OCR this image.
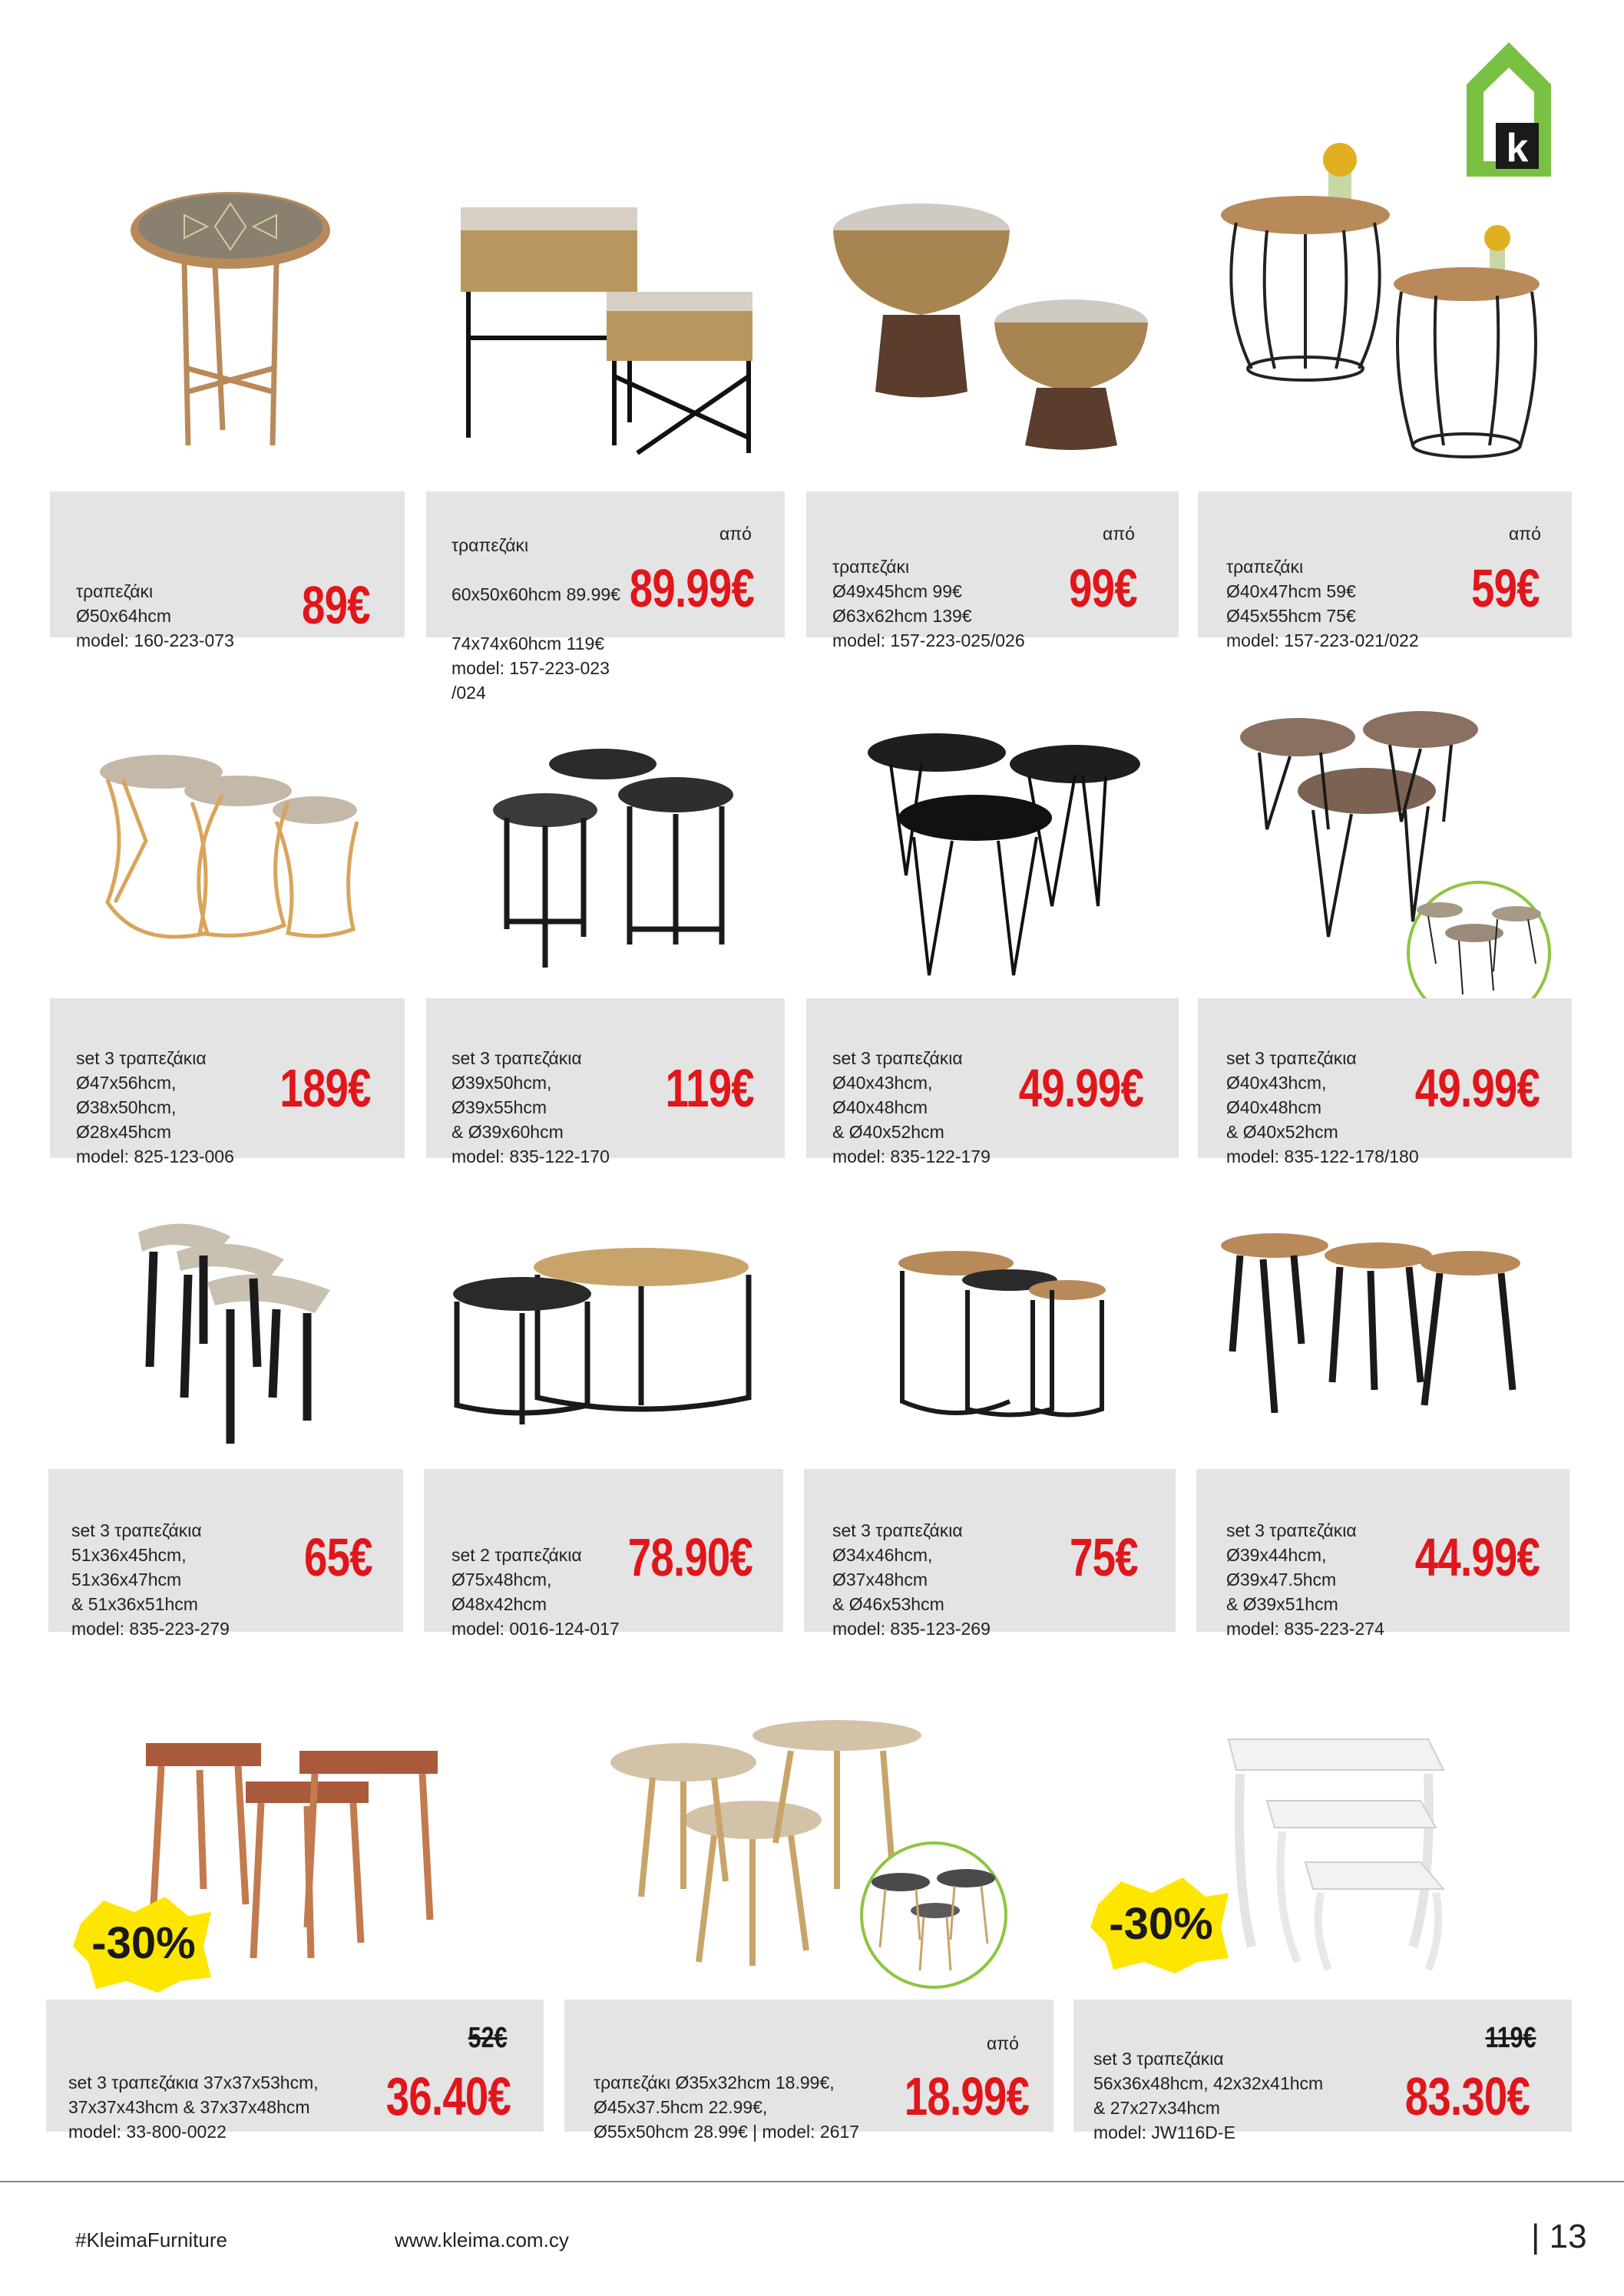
k
-30%	-30%

τραπεζάκι
Ø50x64hcm
model: 160-223-073

89€

τραπεζάκι

60x50x60hcm 89.99€

74x74x60hcm 119€
model: 157-223-023
/024

από
89.99€	τραπεζάκι
Ø49x45hcm 99€
Ø63x62hcm 139€
model: 157-223-025/026

από
99€	τραπεζάκι
Ø40x47hcm 59€
Ø45x55hcm 75€
model: 157-223-021/022

από
59€

set 3 τραπεζάκια
Ø47x56hcm,
Ø38x50hcm,
Ø28x45hcm
model: 825-123-006

189€	set 3 τραπεζάκια
Ø39x50hcm,
Ø39x55hcm
& Ø39x60hcm
model: 835-122-170

119€	set 3 τραπεζάκια
Ø40x43hcm,
Ø40x48hcm
& Ø40x52hcm
model: 835-122-179

49.99€	set 3 τραπεζάκια
Ø40x43hcm,
Ø40x48hcm
& Ø40x52hcm
model: 835-122-178/180

49.99€

set 3 τραπεζάκια
51x36x45hcm,
51x36x47hcm
& 51x36x51hcm
model: 835-223-279

65€	set 2 τραπεζάκια
Ø75x48hcm,
Ø48x42hcm
model: 0016-124-017

78.90€	set 3 τραπεζάκια
Ø34x46hcm,
Ø37x48hcm
& Ø46x53hcm
model: 835-123-269

75€	set 3 τραπεζάκια
Ø39x44hcm,
Ø39x47.5hcm
& Ø39x51hcm
model: 835-223-274

44.99€

set 3 τραπεζάκια 37x37x53hcm,
37x37x43hcm & 37x37x48hcm
model: 33-800-0022

52€
36.40€	τραπεζάκι Ø35x32hcm 18.99€,
Ø45x37.5hcm 22.99€,
Ø55x50hcm 28.99€ | model: 2617

από
18.99€

set 3 τραπεζάκια
56x36x48hcm, 42x32x41hcm
& 27x27x34hcm
model: JW116D-E

119€
83.30€
#KleimaFurniture	www.kleima.com.cy	| 13
